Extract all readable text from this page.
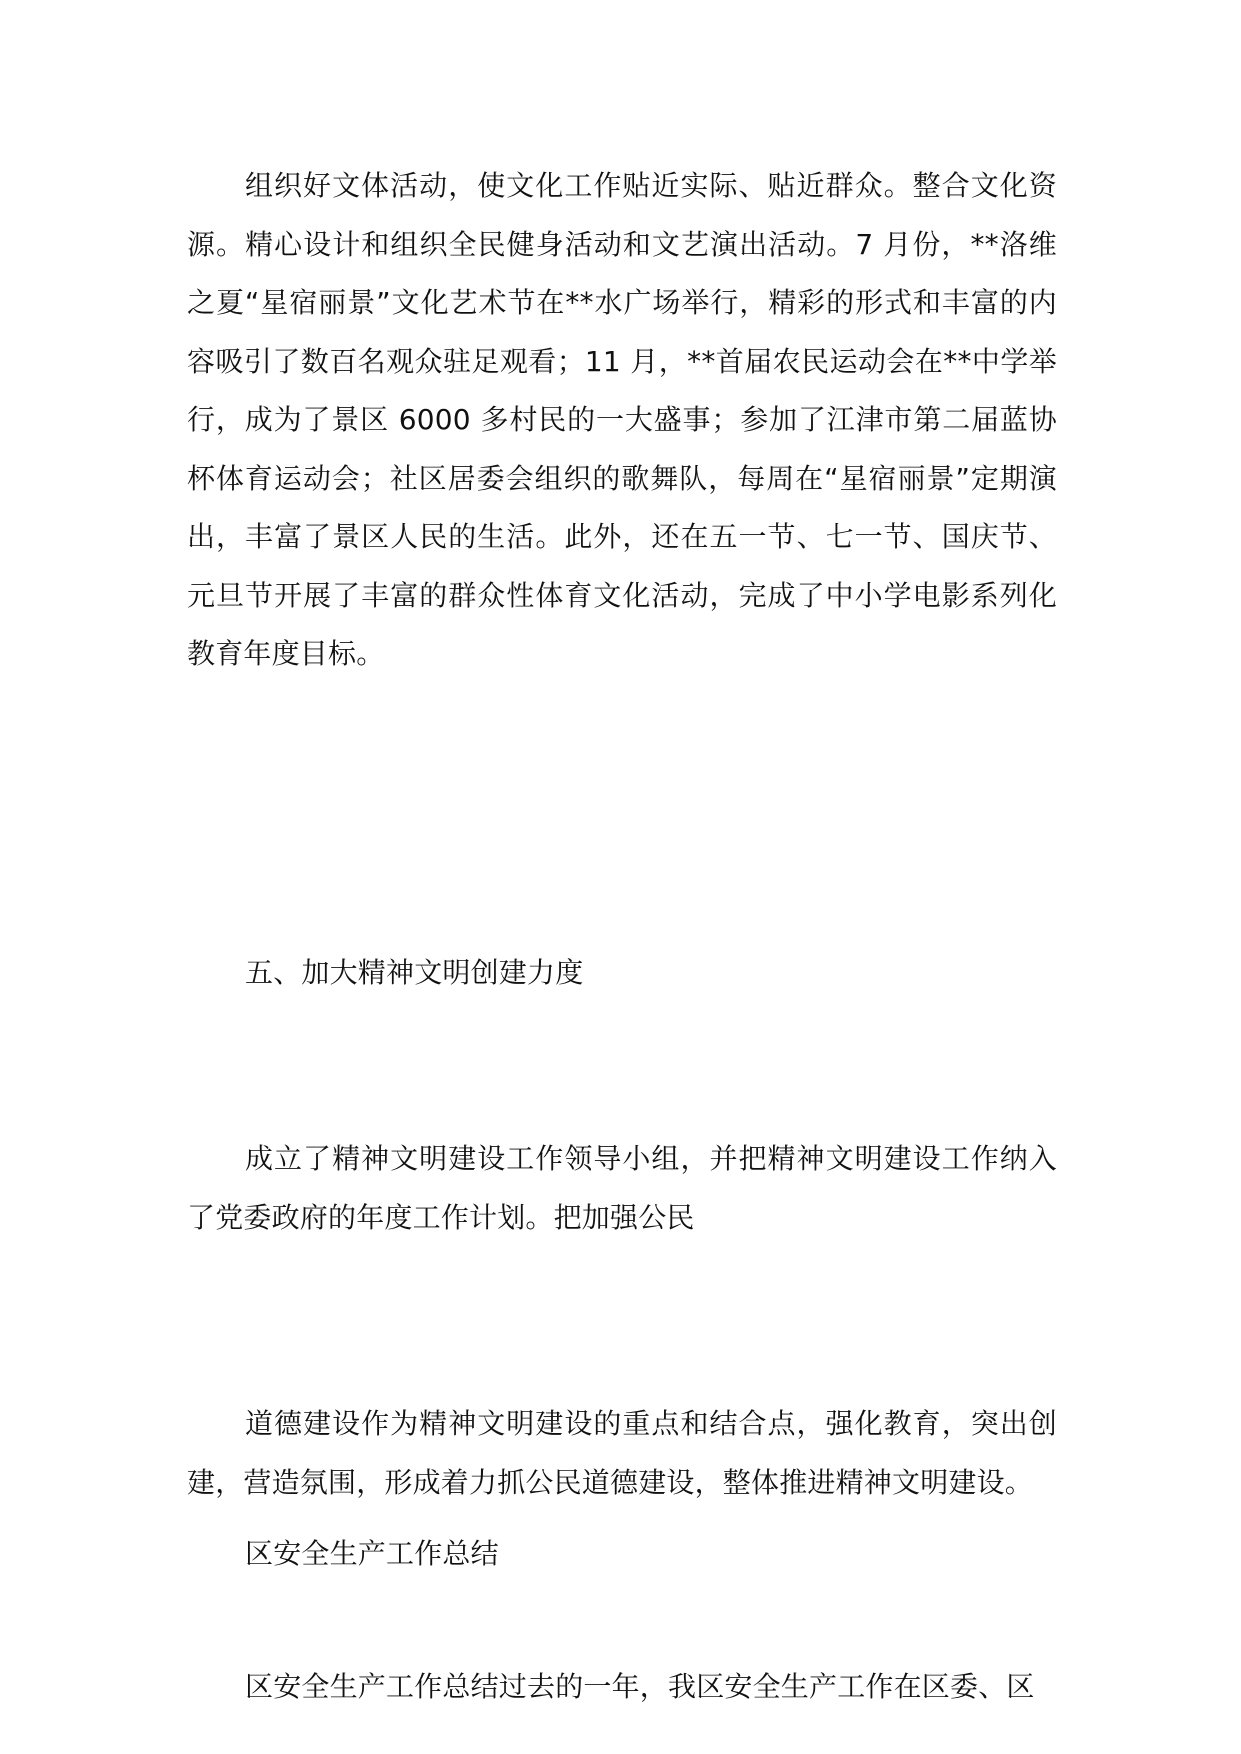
组织好文体活动，使文化工作贴近实际、贴近群众。整合文化资源。精心设计和组织全民健身活动和文艺演出活动。7 月份，**洛维之夏“星宿丽景”文化艺术节在**水广场举行，精彩的形式和丰富的内容吸引了数百名观众驻足观看；11 月，**首届农民运动会在**中学举行，成为了景区 6000 多村民的一大盛事；参加了江津市第二届蓝协杯体育运动会；社区居委会组织的歌舞队，每周在“星宿丽景”定期演出，丰富了景区人民的生活。此外，还在五一节、七一节、国庆节、元旦节开展了丰富的群众性体育文化活动，完成了中小学电影系列化教育年度目标。

五、加大精神文明创建力度

成立了精神文明建设工作领导小组，并把精神文明建设工作纳入了党委政府的年度工作计划。把加强公民

道德建设作为精神文明建设的重点和结合点，强化教育，突出创建，营造氛围，形成着力抓公民道德建设，整体推进精神文明建设。

区安全生产工作总结

区安全生产工作总结过去的一年，我区安全生产工作在区委、区
